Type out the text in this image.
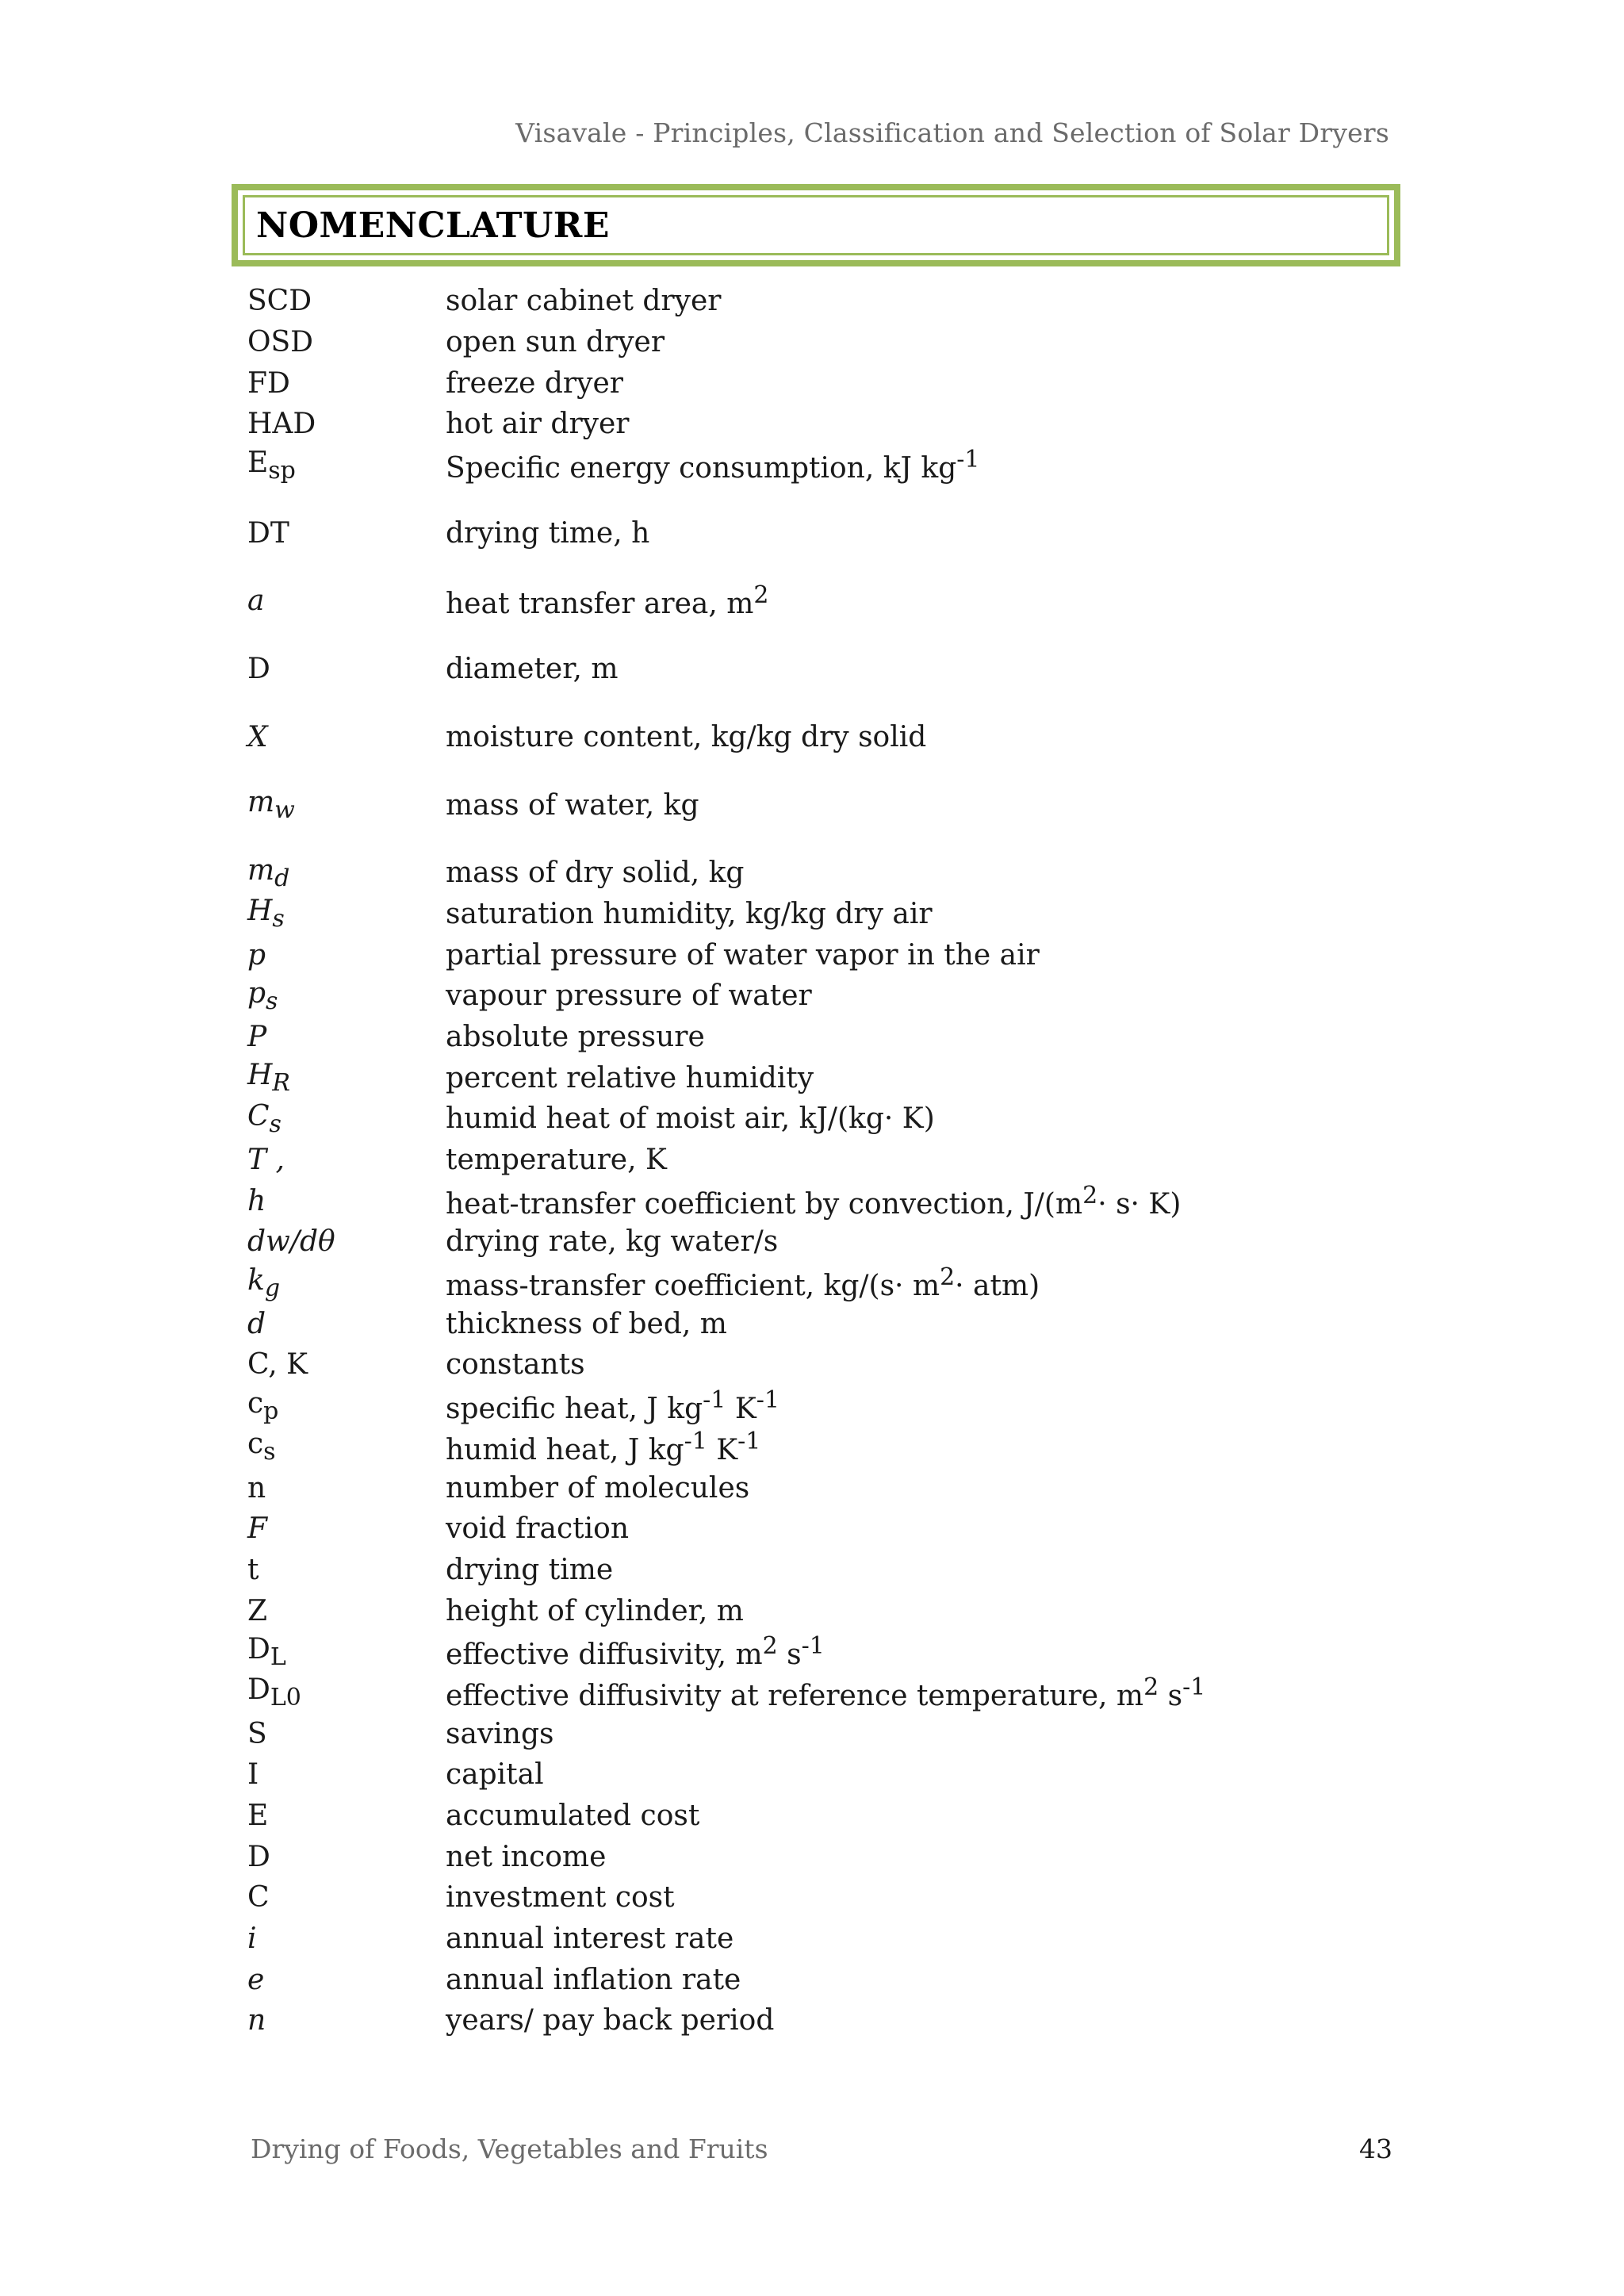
Visavale - Principles, Classification and Selection of Solar Dryers
NOMENCLATURE
SCD	solar cabinet dryer
OSD	open sun dryer
FD	freeze dryer
HAD	hot air dryer
$E_{sp}$	Specific energy consumption, kJ $kg^{-1}$
DT	drying time, h
a	heat transfer area, $m^2$
D	diameter, m
X	moisture content, kg/kg dry solid
$m_w$	mass of water, kg
$m_d$	mass of dry solid, kg
$H_s$	saturation humidity, kg/kg dry air
p	partial pressure of water vapor in the air
$p_s$	vapour pressure of water
P	absolute pressure
$H_R$	percent relative humidity
$C_s$	humid heat of moist air, kJ/(kg· K)
T ,	temperature, K
h	heat-transfer coefficient by convection, $J/(m^2\cdot s\cdot K)$
dw/dθ	drying rate, kg water/s
$k_g$	mass-transfer coefficient, $kg/(s\cdot m^2\cdot atm)$
d	thickness of bed, m
C, K	constants
$c_p$	specific heat, J $kg^{-1}$ $K^{-1}$
$c_s$	humid heat, J $kg^{-1}$ $K^{-1}$
n	number of molecules
F	void fraction
t	drying time
Z	height of cylinder, m
$D_L$	effective diffusivity, $m^2$ $s^{-1}$
$D_{L0}$	effective diffusivity at reference temperature, $m^2$ $s^{-1}$
S	savings
I	capital
E	accumulated cost
D	net income
C	investment cost
i	annual interest rate
e	annual inflation rate
n	years/ pay back period
Drying of Foods, Vegetables and Fruits	43
